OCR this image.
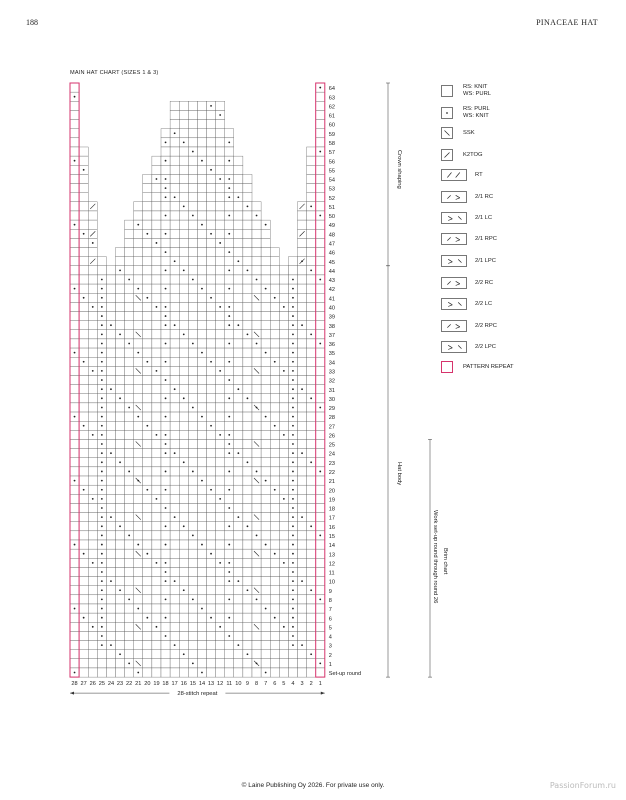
188	PINACEAE HAT
MAIN HAT CHART (SIZES 1 & 3)
64
63
62
61
60
59
58
57
56
55
54
53
52
51
50
49
48
47
46
45
44
43
42
41
40
39
38
37
36
35
34
33
32
31
30
29
28
27
26
25
24
23
22
21
20
19
18
17
16
15
14
13
12
11
10
9
8
7
6
5
4
3
2
1
Set-up round
28 27 26 25 24 23 22 21 20 19 18 17 16 15 14 13 12 11 10 9 8 7 6 5 4 3 2 1
28-stitch repeat
RS: KNIT
WS: PURL
RS: PURL
WS: KNIT
SSK
K2TOG
RT
2/1 RC
2/1 LC
2/1 RPC
2/1 LPC
2/2 RC
2/2 LC
2/2 RPC
2/2 LPC
PATTERN REPEAT
Crown shaping
Hat body
Brim chart
Work set-up round through round 26
© Laine Publishing Oy 2026. For private use only.	PassionForum.ru
